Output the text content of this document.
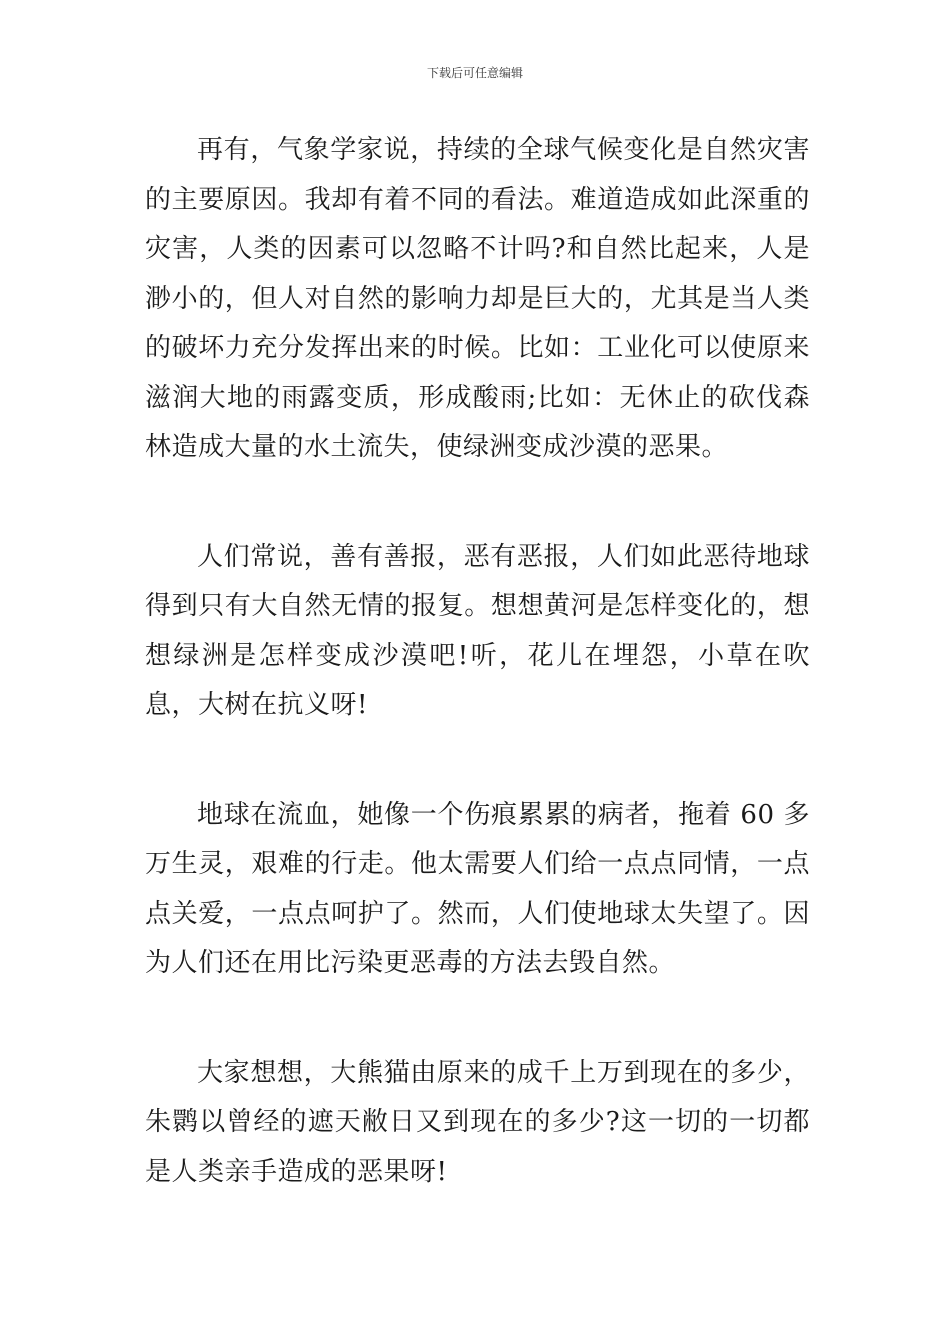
下载后可任意编辑

再有，气象学家说，持续的全球气候变化是自然灾害的主要原因。我却有着不同的看法。难道造成如此深重的灾害，人类的因素可以忽略不计吗?和自然比起来，人是渺小的，但人对自然的影响力却是巨大的，尤其是当人类的破坏力充分发挥出来的时候。比如：工业化可以使原来滋润大地的雨露变质，形成酸雨;比如：无休止的砍伐森林造成大量的水土流失，使绿洲变成沙漠的恶果。

人们常说，善有善报，恶有恶报，人们如此恶待地球得到只有大自然无情的报复。想想黄河是怎样变化的，想想绿洲是怎样变成沙漠吧!听，花儿在埋怨，小草在吹息，大树在抗义呀!

地球在流血，她像一个伤痕累累的病者，拖着 60 多万生灵，艰难的行走。他太需要人们给一点点同情，一点点关爱，一点点呵护了。然而，人们使地球太失望了。因为人们还在用比污染更恶毒的方法去毁自然。

大家想想，大熊猫由原来的成千上万到现在的多少，朱鹮以曾经的遮天敝日又到现在的多少?这一切的一切都是人类亲手造成的恶果呀!
